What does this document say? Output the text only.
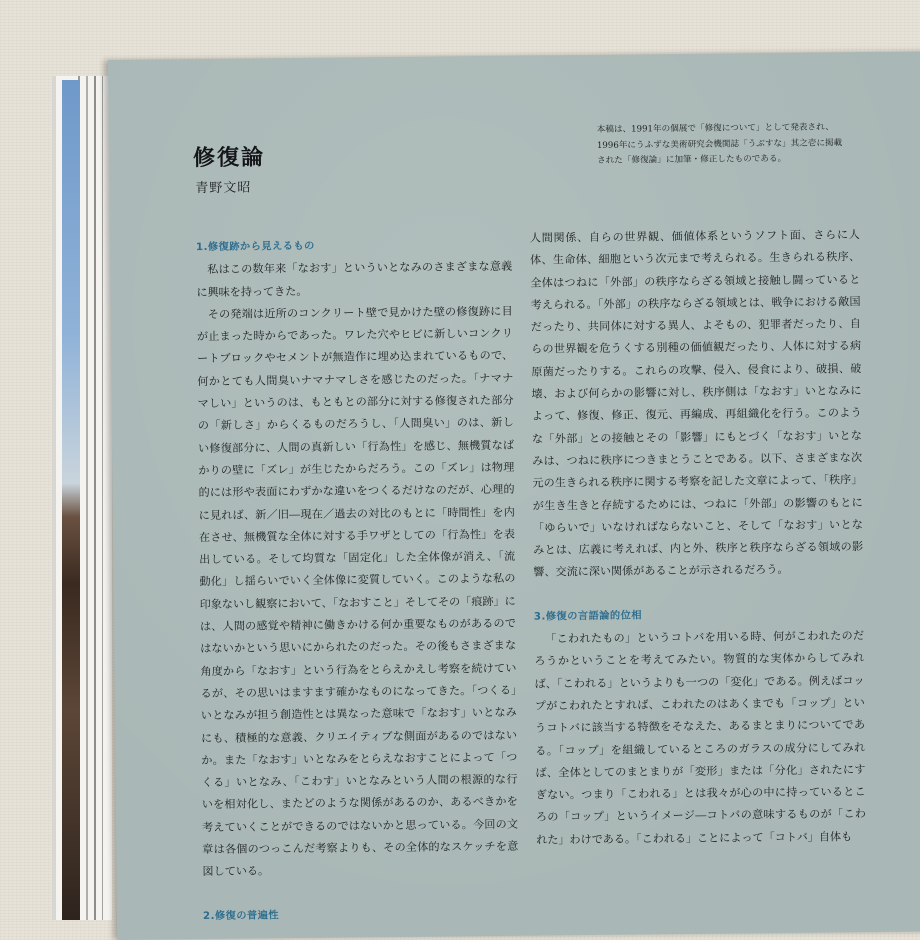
修復論
青野文昭
本稿は、1991年の個展で「修復について」として発表され、1996年にうふずな美術研究会機関誌「うぶすな」其之壱に掲載された「修復論」に加筆・修正したものである。

1.修復跡から見えるもの

私はこの数年来「なおす」といういとなみのさまざまな意義に興味を持ってきた。

その発端は近所のコンクリート壁で見かけた壁の修復跡に目が止まった時からであった。ワレた穴やヒビに新しいコンクリートブロックやセメントが無造作に埋め込まれているもので、何かとても人間臭いナマナマしさを感じたのだった。「ナマナマしい」というのは、もともとの部分に対する修復された部分の「新しさ」からくるものだろうし、「人間臭い」のは、新しい修復部分に、人間の真新しい「行為性」を感じ、無機質なばかりの壁に「ズレ」が生じたからだろう。この「ズレ」は物理的には形や表面にわずかな違いをつくるだけなのだが、心理的に見れば、新／旧―現在／過去の対比のもとに「時間性」を内在させ、無機質な全体に対する手ワザとしての「行為性」を表出している。そして均質な「固定化」した全体像が消え、「流動化」し揺らいでいく全体像に変質していく。このような私の印象ないし観察において、「なおすこと」そしてその「痕跡」には、人間の感覚や精神に働きかける何か重要なものがあるのではないかという思いにかられたのだった。その後もさまざまな角度から「なおす」という行為をとらえかえし考察を続けているが、その思いはますます確かなものになってきた。「つくる」いとなみが担う創造性とは異なった意味で「なおす」いとなみにも、積極的な意義、クリエイティブな側面があるのではないか。また「なおす」いとなみをとらえなおすことによって「つくる」いとなみ、「こわす」いとなみという人間の根源的な行いを相対化し、またどのような関係があるのか、あるべきかを考えていくことができるのではないかと思っている。今回の文章は各個のつっこんだ考察よりも、その全体的なスケッチを意図している。

2.修復の普遍性

人間関係、自らの世界観、価値体系というソフト面、さらに人体、生命体、細胞という次元まで考えられる。生きられる秩序、全体はつねに「外部」の秩序ならざる領域と接触し闘っていると考えられる。「外部」の秩序ならざる領域とは、戦争における敵国だったり、共同体に対する異人、よそもの、犯罪者だったり、自らの世界観を危うくする別種の価値観だったり、人体に対する病原菌だったりする。これらの攻撃、侵入、侵食により、破損、破壊、および何らかの影響に対し、秩序側は「なおす」いとなみによって、修復、修正、復元、再編成、再組織化を行う。このような「外部」との接触とその「影響」にもとづく「なおす」いとなみは、つねに秩序につきまとうことである。以下、さまざまな次元の生きられる秩序に関する考察を記した文章によって、「秩序」が生き生きと存続するためには、つねに「外部」の影響のもとに「ゆらいで」いなければならないこと、そして「なおす」いとなみとは、広義に考えれば、内と外、秩序と秩序ならざる領域の影響、交流に深い関係があることが示されるだろう。

3.修復の言語論的位相

「こわれたもの」というコトバを用いる時、何がこわれたのだろうかということを考えてみたい。物質的な実体からしてみれば、「こわれる」というよりも一つの「変化」である。例えばコップがこわれたとすれば、こわれたのはあくまでも「コップ」というコトバに該当する特徴をそなえた、あるまとまりについてである。「コップ」を組織しているところのガラスの成分にしてみれば、全体としてのまとまりが「変形」または「分化」されたにすぎない。つまり「こわれる」とは我々が心の中に持っているところの「コップ」というイメージ―コトバの意味するものが「こわれた」わけである。「こわれる」ことによって「コトバ」自体も
